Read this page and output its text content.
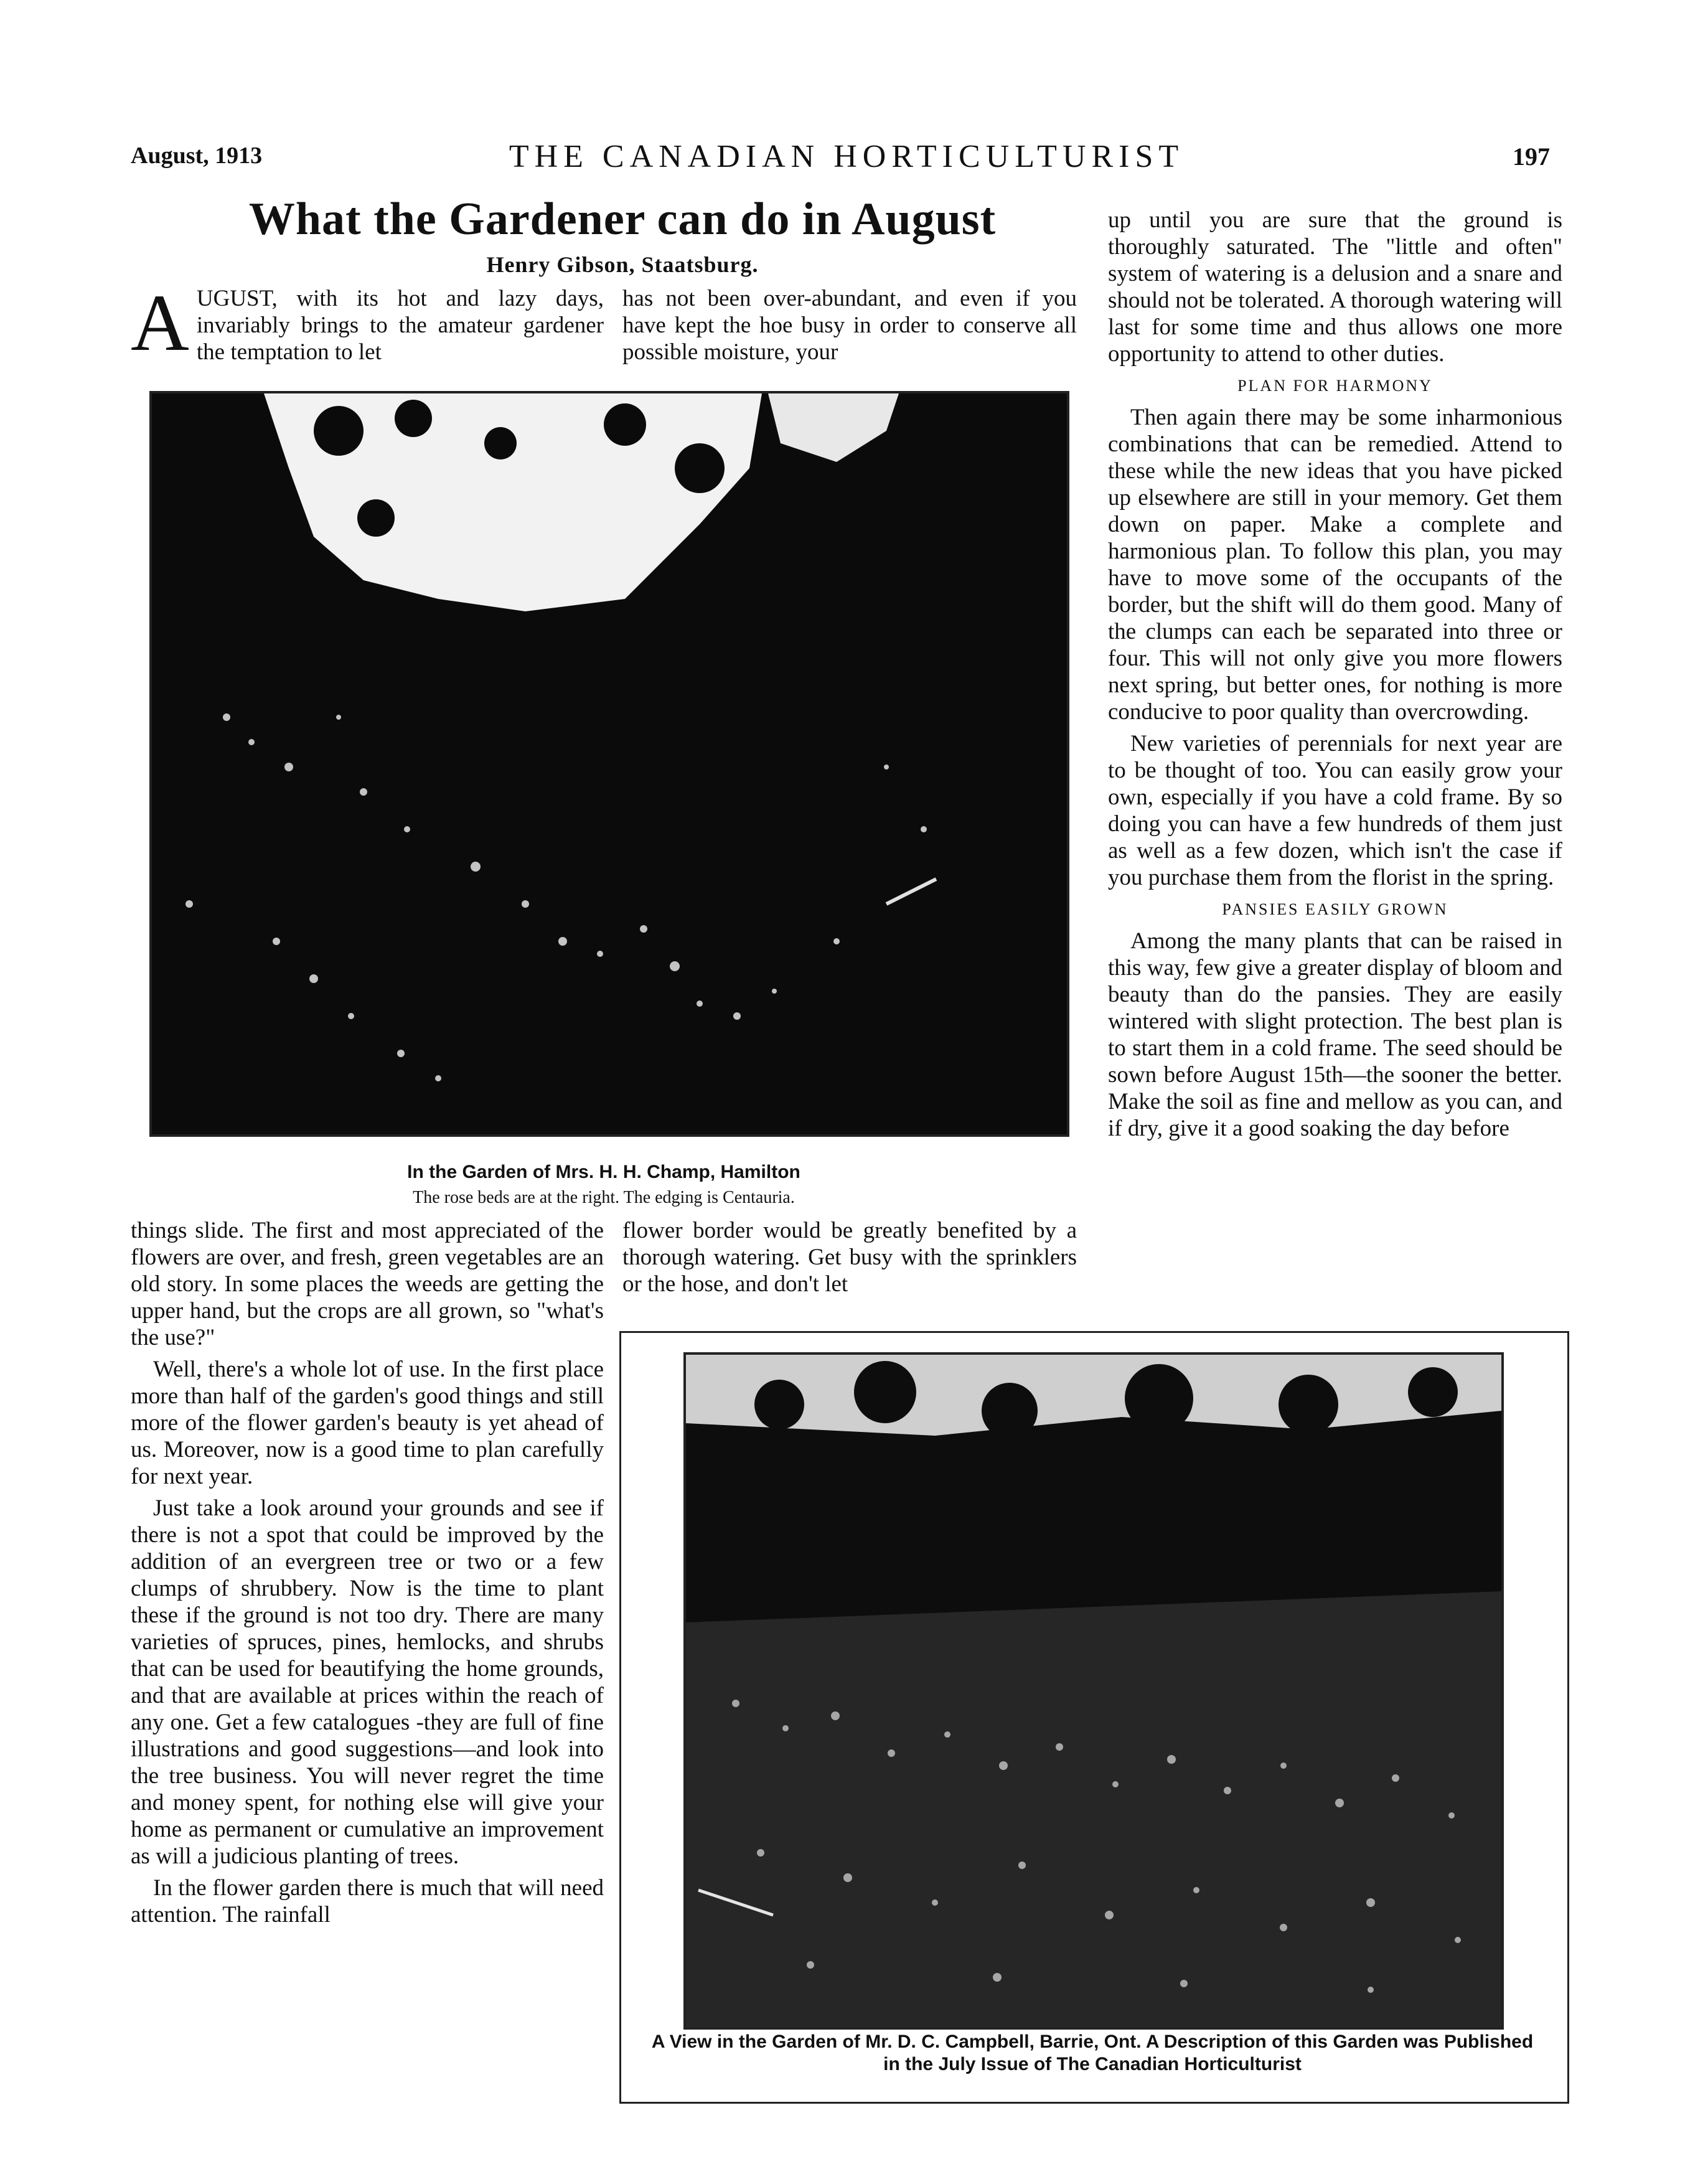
August, 1913	THE CANADIAN HORTICULTURIST	197
What the Gardener can do in August
Henry Gibson, Staatsburg.
A UGUST, with its hot and lazy days, invariably brings to the amateur gardener the temptation to let
has not been over-abundant, and even if you have kept the hoe busy in order to conserve all possible moisture, your
In the Garden of Mrs. H. H. Champ, Hamilton
The rose beds are at the right. The edging is Centauria.

things slide. The first and most appreciated of the flowers are over, and fresh, green vegetables are an old story. In some places the weeds are getting the upper hand, but the crops are all grown, so "what's the use?"

Well, there's a whole lot of use. In the first place more than half of the garden's good things and still more of the flower garden's beauty is yet ahead of us. Moreover, now is a good time to plan carefully for next year.

Just take a look around your grounds and see if there is not a spot that could be improved by the addition of an evergreen tree or two or a few clumps of shrubbery. Now is the time to plant these if the ground is not too dry. There are many varieties of spruces, pines, hemlocks, and shrubs that can be used for beautifying the home grounds, and that are available at prices within the reach of any one. Get a few catalogues -they are full of fine illustrations and good suggestions—and look into the tree business. You will never regret the time and money spent, for nothing else will give your home as permanent or cumulative an improvement as will a judicious planting of trees.

In the flower garden there is much that will need attention. The rainfall

flower border would be greatly benefited by a thorough watering. Get busy with the sprinklers or the hose, and don't let

up until you are sure that the ground is thoroughly saturated. The "little and often" system of watering is a delusion and a snare and should not be tolerated. A thorough watering will last for some time and thus allows one more opportunity to attend to other duties.

PLAN FOR HARMONY

Then again there may be some inharmonious combinations that can be remedied. Attend to these while the new ideas that you have picked up elsewhere are still in your memory. Get them down on paper. Make a complete and harmonious plan. To follow this plan, you may have to move some of the occupants of the border, but the shift will do them good. Many of the clumps can each be separated into three or four. This will not only give you more flowers next spring, but better ones, for nothing is more conducive to poor quality than overcrowding.

New varieties of perennials for next year are to be thought of too. You can easily grow your own, especially if you have a cold frame. By so doing you can have a few hundreds of them just as well as a few dozen, which isn't the case if you purchase them from the florist in the spring.

PANSIES EASILY GROWN

Among the many plants that can be raised in this way, few give a greater display of bloom and beauty than do the pansies. They are easily wintered with slight protection. The best plan is to start them in a cold frame. The seed should be sown before August 15th—the sooner the better. Make the soil as fine and mellow as you can, and if dry, give it a good soaking the day before

A View in the Garden of Mr. D. C. Campbell, Barrie, Ont. A Description of this Garden was Published in the July Issue of The Canadian Horticulturist
